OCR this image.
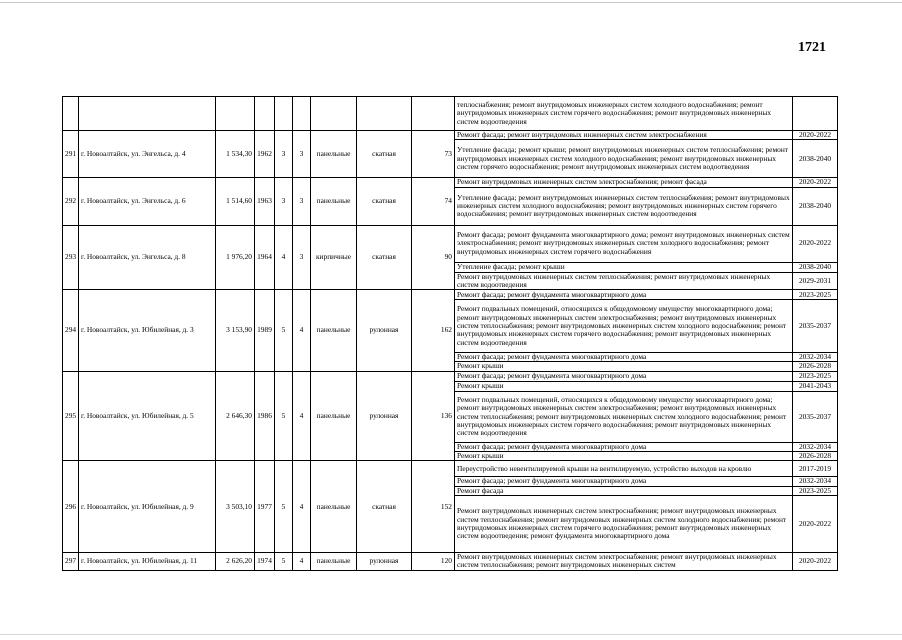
1721
									теплоснабжения; ремонт внутридомовых инженерных систем холодного водоснабжения; ремонт внутридомовых инженерных систем горячего водоснабжения; ремонт внутридомовых инженерных систем водоотведения	
291	г. Новоалтайск, ул. Энгельса, д. 4	1 534,30	1962	3	3	панельные	скатная	73	Ремонт фасада; ремонт внутридомовых инженерных систем электроснабжения	2020-2022
									Утепление фасада; ремонт крыши; ремонт внутридомовых инженерных систем теплоснабжения; ремонт внутридомовых инженерных систем холодного водоснабжения; ремонт внутридомовых инженерных систем горячего водоснабжения; ремонт внутридомовых инженерных систем водоотведения	2038-2040
292	г. Новоалтайск, ул. Энгельса, д. 6	1 514,60	1963	3	3	панельные	скатная	74	Ремонт внутридомовых инженерных систем электроснабжения; ремонт фасада	2020-2022
									Утепление фасада; ремонт внутридомовых инженерных систем теплоснабжения; ремонт внутридомовых инженерных систем холодного водоснабжения; ремонт внутридомовых инженерных систем горячего водоснабжения; ремонт внутридомовых инженерных систем водоотведения	2038-2040
293	г. Новоалтайск, ул. Энгельса, д. 8	1 976,20	1964	4	3	кирпичные	скатная	90	Ремонт фасада; ремонт фундамента многоквартирного дома; ремонт внутридомовых инженерных систем электроснабжения; ремонт внутридомовых инженерных систем холодного водоснабжения; ремонт внутридомовых инженерных систем горячего водоснабжения	2020-2022
									Утепление фасада; ремонт крыши	2038-2040
									Ремонт внутридомовых инженерных систем теплоснабжения; ремонт внутридомовых инженерных систем водоотведения	2029-2031
294	г. Новоалтайск, ул. Юбилейная, д. 3	3 153,90	1989	5	4	панельные	рулонная	162	Ремонт фасада; ремонт фундамента многоквартирного дома	2023-2025
									Ремонт подвальных помещений, относящихся к общедомовому имуществу многоквартирного дома; ремонт внутридомовых инженерных систем электроснабжения; ремонт внутридомовых инженерных систем теплоснабжения; ремонт внутридомовых инженерных систем холодного водоснабжения; ремонт внутридомовых инженерных систем горячего водоснабжения; ремонт внутридомовых инженерных систем водоотведения	2035-2037
									Ремонт фасада; ремонт фундамента многоквартирного дома	2032-2034
									Ремонт крыши	2026-2028
295	г. Новоалтайск, ул. Юбилейная, д. 5	2 646,30	1986	5	4	панельные	рулонная	136	Ремонт фасада; ремонт фундамента многоквартирного дома	2023-2025
									Ремонт крыши	2041-2043
									Ремонт подвальных помещений, относящихся к общедомовому имуществу многоквартирного дома; ремонт внутридомовых инженерных систем электроснабжения; ремонт внутридомовых инженерных систем теплоснабжения; ремонт внутридомовых инженерных систем холодного водоснабжения; ремонт внутридомовых инженерных систем горячего водоснабжения; ремонт внутридомовых инженерных систем водоотведения	2035-2037
									Ремонт фасада; ремонт фундамента многоквартирного дома	2032-2034
									Ремонт крыши	2026-2028
296	г. Новоалтайск, ул. Юбилейная, д. 9	3 503,10	1977	5	4	панельные	скатная	152	Переустройство невентилируемой крыши на вентилируемую, устройство выходов на кровлю	2017-2019
									Ремонт фасада; ремонт фундамента многоквартирного дома	2032-2034
									Ремонт фасада	2023-2025
									Ремонт внутридомовых инженерных систем электроснабжения; ремонт внутридомовых инженерных систем теплоснабжения; ремонт внутридомовых инженерных систем холодного водоснабжения; ремонт внутридомовых инженерных систем горячего водоснабжения; ремонт внутридомовых инженерных систем водоотведения; ремонт фундамента многоквартирного дома	2020-2022
297	г. Новоалтайск, ул. Юбилейная, д. 11	2 626,20	1974	5	4	панельные	рулонная	120	Ремонт внутридомовых инженерных систем электроснабжения; ремонт внутридомовых инженерных систем теплоснабжения; ремонт внутридомовых инженерных систем	2020-2022
